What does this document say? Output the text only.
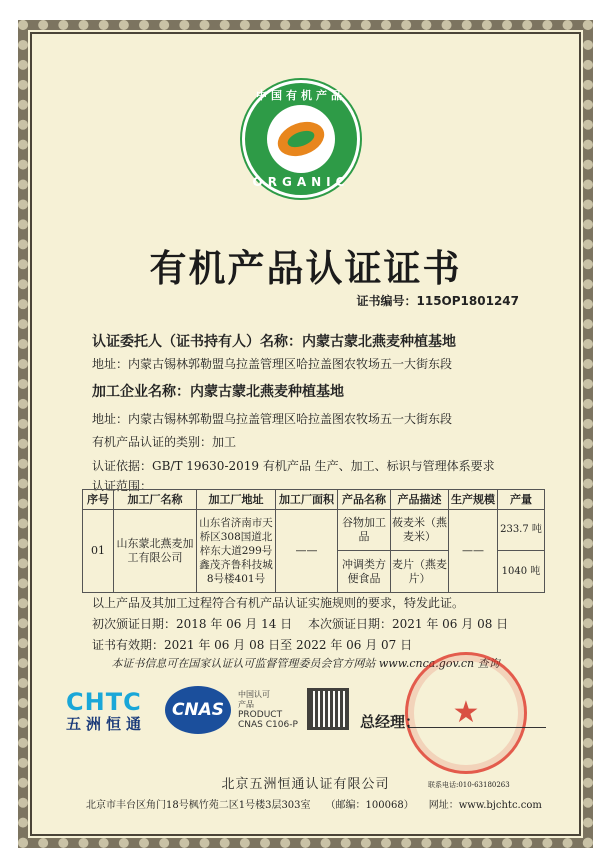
中国有机产品
ORGANIC
有机产品认证证书
证书编号：115OP1801247
认证委托人（证书持有人）名称：内蒙古蒙北燕麦种植基地
地址：内蒙古锡林郭勒盟乌拉盖管理区哈拉盖图农牧场五一大街东段
加工企业名称：内蒙古蒙北燕麦种植基地
地址：内蒙古锡林郭勒盟乌拉盖管理区哈拉盖图农牧场五一大街东段
有机产品认证的类别：加工
认证依据：GB/T 19630-2019 有机产品 生产、加工、标识与管理体系要求
认证范围：
序号	加工厂名称	加工厂地址	加工厂面积	产品名称	产品描述	生产规模	产量
01	山东蒙北燕麦加工有限公司	山东省济南市天桥区308国道北梓东大道299号鑫茂齐鲁科技城8号楼401号	——	谷物加工品	莜麦米（燕麦米）	——	233.7 吨
				冲调类方便食品	麦片（燕麦片）		1040 吨
以上产品及其加工过程符合有机产品认证实施规则的要求，特发此证。
初次颁证日期：2018 年 06 月 14 日 本次颁证日期：2021 年 06 月 08 日
证书有效期：2021 年 06 月 08 日至 2022 年 06 月 07 日
本证书信息可在国家认证认可监督管理委员会官方网站 www.cnca.gov.cn 查询
★
CHTC
五洲恒通
CNAS
中国认可
产品
PRODUCT
CNAS C106-P	总经理：
北京五洲恒通认证有限公司	联系电话:010-63180263
北京市丰台区角门18号枫竹苑二区1号楼3层303室　　（邮编：100068）　　网址：www.bjchtc.com
